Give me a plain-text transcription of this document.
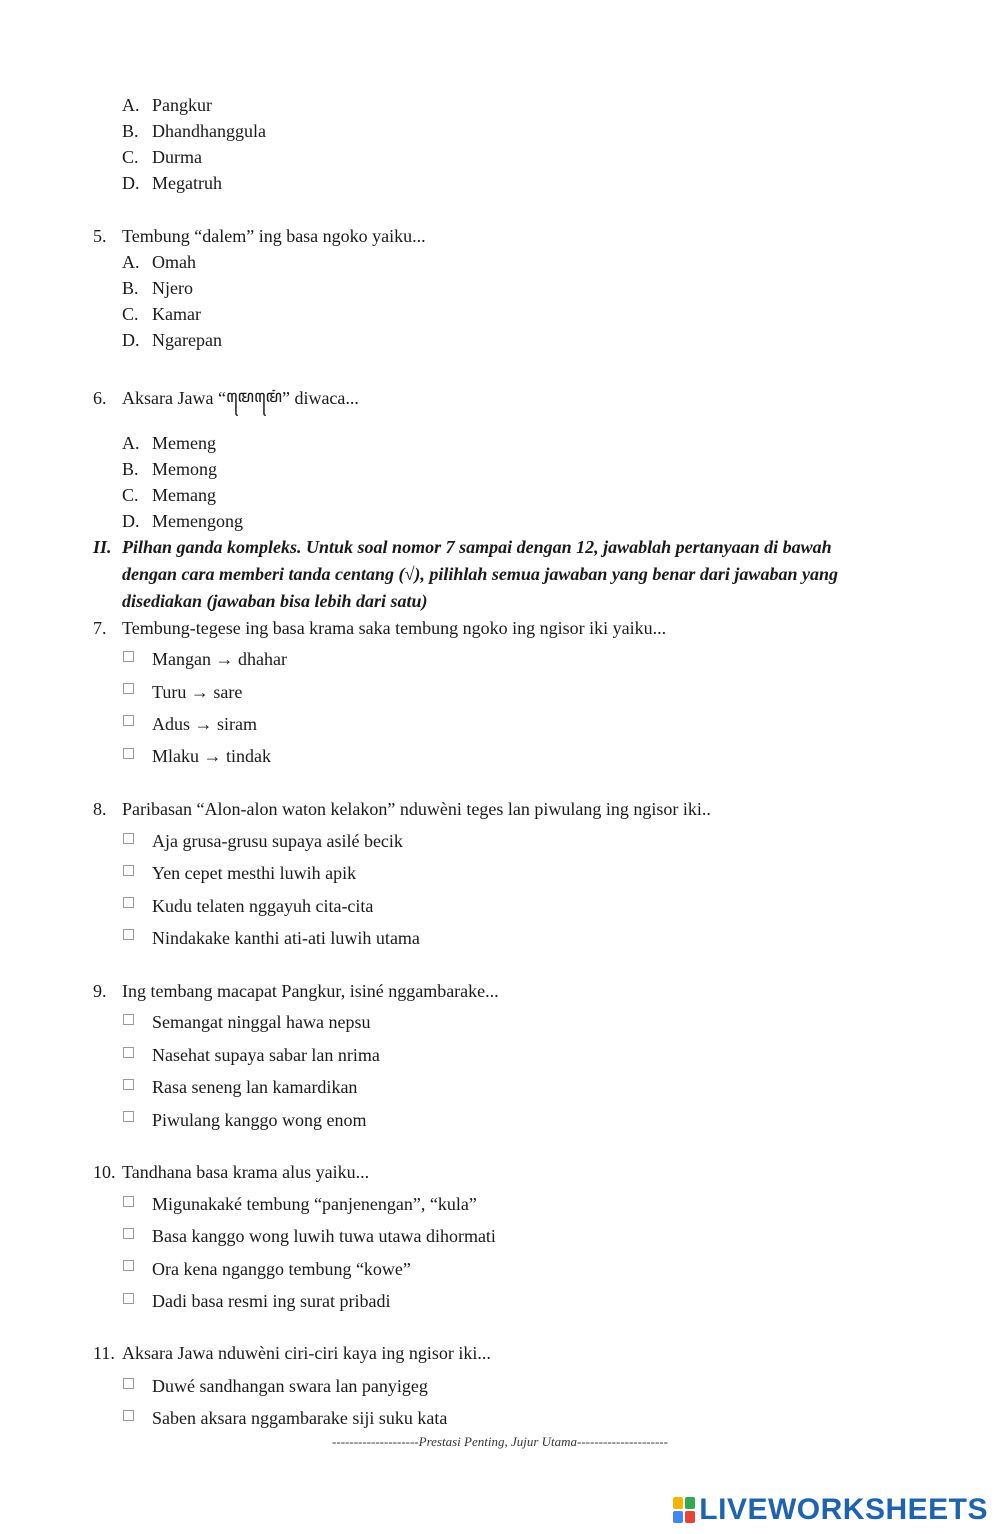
A. Pangkur
B. Dhandhanggula
C. Durma
D. Megatruh
5. Tembung “dalem” ing basa ngoko yaiku...
A. Omah
B. Njero
C. Kamar
D. Ngarepan
6. Aksara Jawa “ꦩꦺꦩꦺꦁ” diwaca...
A. Memeng
B. Memong
C. Memang
D. Memengong
II. Pilhan ganda kompleks. Untuk soal nomor 7 sampai dengan 12, jawablah pertanyaan di bawah
dengan cara memberi tanda centang (√), pilihlah semua jawaban yang benar dari jawaban yang
disediakan (jawaban bisa lebih dari satu)
7. Tembung-tegese ing basa krama saka tembung ngoko ing ngisor iki yaiku...
Mangan → dhahar
Turu → sare
Adus → siram
Mlaku → tindak
8. Paribasan “Alon-alon waton kelakon” nduwèni teges lan piwulang ing ngisor iki..
Aja grusa-grusu supaya asilé becik
Yen cepet mesthi luwih apik
Kudu telaten nggayuh cita-cita
Nindakake kanthi ati-ati luwih utama
9. Ing tembang macapat Pangkur, isiné nggambarake...
Semangat ninggal hawa nepsu
Nasehat supaya sabar lan nrima
Rasa seneng lan kamardikan
Piwulang kanggo wong enom
10. Tandhana basa krama alus yaiku...
Migunakaké tembung “panjenengan”, “kula”
Basa kanggo wong luwih tuwa utawa dihormati
Ora kena nganggo tembung “kowe”
Dadi basa resmi ing surat pribadi
11. Aksara Jawa nduwèni ciri-ciri kaya ing ngisor iki...
Duwé sandhangan swara lan panyigeg
Saben aksara nggambarake siji suku kata
--------------------Prestasi Penting, Jujur Utama---------------------
LIVEWORKSHEETS
